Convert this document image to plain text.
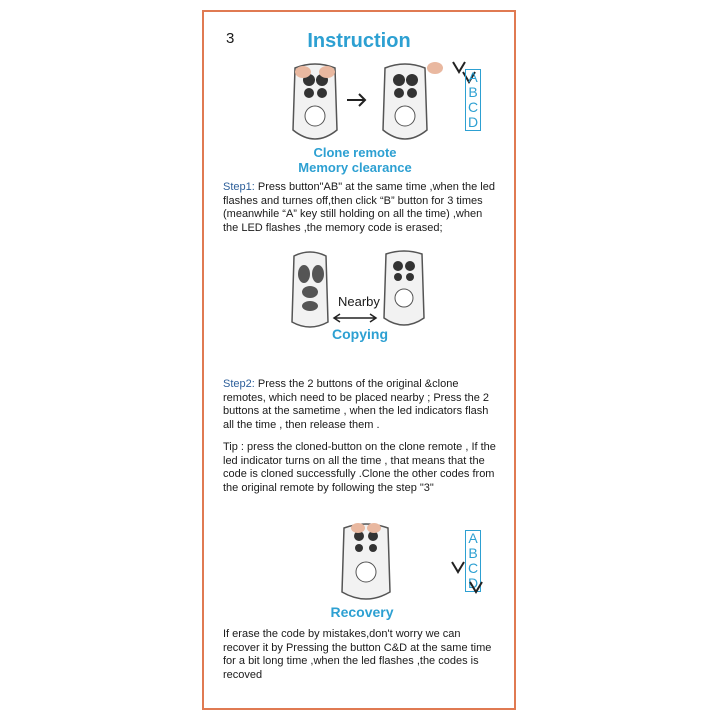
3	Instruction
A
B
C
D
Clone remote
Memory clearance
Step1: Press button"AB" at the same time ,when the led flashes and turnes off,then click “B” button for 3 times (meanwhile “A” key still holding on all the time) ,when the LED flashes ,the memory code is erased;
Nearby
Copying
Step2: Press the 2 buttons of the original &clone remotes, which need to be placed nearby ; Press the 2 buttons at the sametime , when the led indicators flash all the time , then release them .
Tip : press the cloned-button on the clone remote , If the led indicator turns on all the time , that means that the code is cloned successfully .Clone the other codes from the original remote by following the step "3"
A
B
C
D
Recovery
If erase the code by mistakes,don't worry we can recover it by Pressing the button C&D at the same time for a bit long time ,when the led flashes ,the codes is recoved
